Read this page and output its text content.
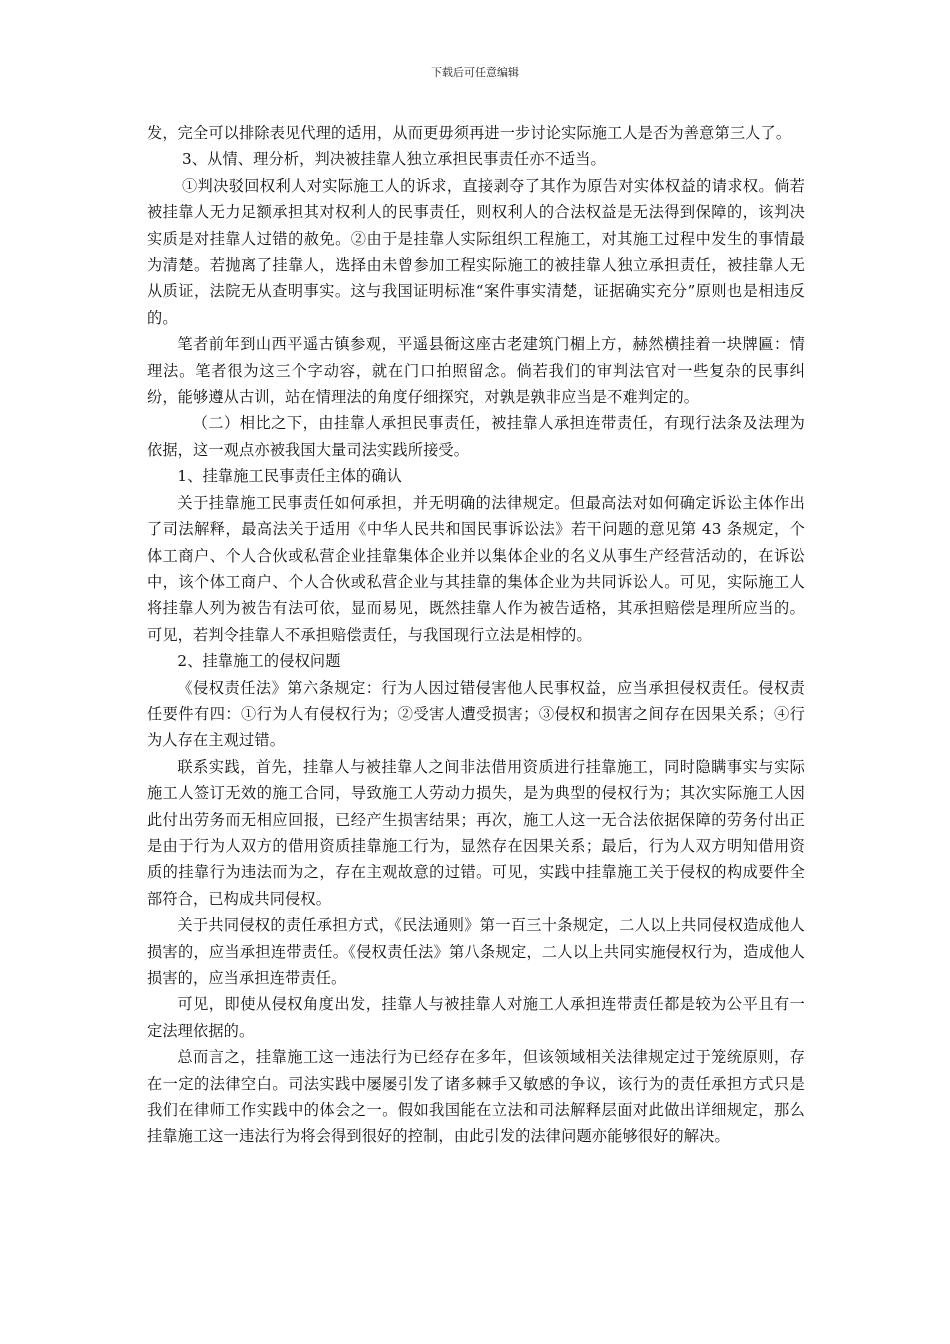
下载后可任意编辑

发，完全可以排除表见代理的适用，从而更毋须再进一步讨论实际施工人是否为善意第三人了。

3、从情、理分析，判决被挂靠人独立承担民事责任亦不适当。

①判决驳回权利人对实际施工人的诉求，直接剥夺了其作为原告对实体权益的请求权。倘若被挂靠人无力足额承担其对权利人的民事责任，则权利人的合法权益是无法得到保障的，该判决实质是对挂靠人过错的赦免。②由于是挂靠人实际组织工程施工，对其施工过程中发生的事情最为清楚。若抛离了挂靠人，选择由未曾参加工程实际施工的被挂靠人独立承担责任，被挂靠人无从质证，法院无从查明事实。这与我国证明标准“案件事实清楚，证据确实充分”原则也是相违反的。

笔者前年到山西平遥古镇参观，平遥县衙这座古老建筑门楣上方，赫然横挂着一块牌匾：情理法。笔者很为这三个字动容，就在门口拍照留念。倘若我们的审判法官对一些复杂的民事纠纷，能够遵从古训，站在情理法的角度仔细探究，对孰是孰非应当是不难判定的。

（二）相比之下，由挂靠人承担民事责任，被挂靠人承担连带责任，有现行法条及法理为依据，这一观点亦被我国大量司法实践所接受。

1、挂靠施工民事责任主体的确认

关于挂靠施工民事责任如何承担，并无明确的法律规定。但最高法对如何确定诉讼主体作出了司法解释，最高法关于适用《中华人民共和国民事诉讼法》若干问题的意见第 43 条规定，个体工商户、个人合伙或私营企业挂靠集体企业并以集体企业的名义从事生产经营活动的，在诉讼中，该个体工商户、个人合伙或私营企业与其挂靠的集体企业为共同诉讼人。可见，实际施工人将挂靠人列为被告有法可依，显而易见，既然挂靠人作为被告适格，其承担赔偿是理所应当的。可见，若判令挂靠人不承担赔偿责任，与我国现行立法是相悖的。

2、挂靠施工的侵权问题

《侵权责任法》第六条规定：行为人因过错侵害他人民事权益，应当承担侵权责任。侵权责任要件有四：①行为人有侵权行为；②受害人遭受损害；③侵权和损害之间存在因果关系；④行为人存在主观过错。

联系实践，首先，挂靠人与被挂靠人之间非法借用资质进行挂靠施工，同时隐瞒事实与实际施工人签订无效的施工合同，导致施工人劳动力损失，是为典型的侵权行为；其次实际施工人因此付出劳务而无相应回报，已经产生损害结果；再次，施工人这一无合法依据保障的劳务付出正是由于行为人双方的借用资质挂靠施工行为，显然存在因果关系；最后，行为人双方明知借用资质的挂靠行为违法而为之，存在主观故意的过错。可见，实践中挂靠施工关于侵权的构成要件全部符合，已构成共同侵权。

关于共同侵权的责任承担方式，《民法通则》第一百三十条规定，二人以上共同侵权造成他人损害的，应当承担连带责任。《侵权责任法》第八条规定，二人以上共同实施侵权行为，造成他人损害的，应当承担连带责任。

可见，即使从侵权角度出发，挂靠人与被挂靠人对施工人承担连带责任都是较为公平且有一定法理依据的。

总而言之，挂靠施工这一违法行为已经存在多年，但该领域相关法律规定过于笼统原则，存在一定的法律空白。司法实践中屡屡引发了诸多棘手又敏感的争议，该行为的责任承担方式只是我们在律师工作实践中的体会之一。假如我国能在立法和司法解释层面对此做出详细规定，那么挂靠施工这一违法行为将会得到很好的控制，由此引发的法律问题亦能够很好的解决。
